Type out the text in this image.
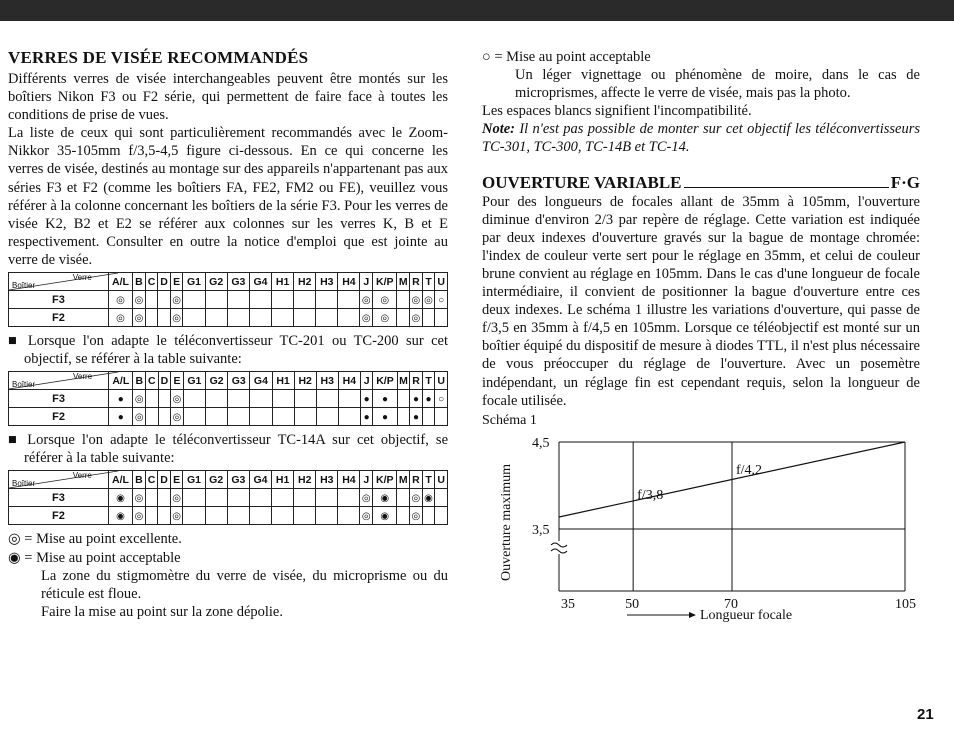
VERRES DE VISÉE RECOMMANDÉS

Différents verres de visée interchangeables peuvent être montés sur les boîtiers Nikon F3 ou F2 série, qui permettent de faire face à toutes les conditions de prise de vues.

La liste de ceux qui sont particulièrement recommandés avec le Zoom-Nikkor 35-105mm f/3,5-4,5 figure ci-dessous. En ce qui concerne les verres de visée, destinés au montage sur des appareils n'appartenant pas aux séries F3 et F2 (comme les boîtiers FA, FE2, FM2 ou FE), veuillez vous référer à la colonne concernant les boîtiers de la série F3. Pour les verres de visée K2, B2 et E2 se référer aux colonnes sur les verres K, B et E respectivement. Consulter en outre la notice d'emploi que est jointe au verre de visée.

Verre
Boîtier	A/L	B	C	D	E	G1	G2	G3	G4	H1	H2	H3	H4	J	K/P	M	R	T	U
F3	◎	◎			◎									◎	◎		◎	◎	○
F2	◎	◎			◎									◎	◎		◎		

■ Lorsque l'on adapte le téléconvertisseur TC-201 ou TC-200 sur cet objectif, se référer à la table suivante:

Verre
Boîtier	A/L	B	C	D	E	G1	G2	G3	G4	H1	H2	H3	H4	J	K/P	M	R	T	U
F3	●	◎			◎									●	●		●	●	○
F2	●	◎			◎									●	●		●		

■ Lorsque l'on adapte le téléconvertisseur TC-14A sur cet objectif, se référer à la table suivante:

Verre
Boîtier	A/L	B	C	D	E	G1	G2	G3	G4	H1	H2	H3	H4	J	K/P	M	R	T	U
F3	◉	◎			◎									◎	◉		◎	◉	
F2	◉	◎			◎									◎	◉		◎		

◎ = Mise au point excellente.

◉ = Mise au point acceptable

La zone du stigmomètre du verre de visée, du microprisme ou du réticule est floue.

Faire la mise au point sur la zone dépolie.

○ = Mise au point acceptable

Un léger vignettage ou phénomène de moire, dans le cas de microprismes, affecte le verre de visée, mais pas la photo.

Les espaces blancs signifient l'incompatibilité.

Note: Il n'est pas possible de monter sur cet objectif les téléconvertisseurs TC-301, TC-300, TC-14B et TC-14.

OUVERTURE VARIABLE	F·G

Pour des longueurs de focales allant de 35mm à 105mm, l'ouverture diminue d'environ 2/3 par repère de réglage. Cette variation est indiquée par deux indexes d'ouverture gravés sur la bague de montage chromée: l'index de couleur verte sert pour le réglage en 35mm, et celui de couleur brune convient au réglage en 105mm. Dans le cas d'une longueur de focale intermédiaire, il convient de positionner la bague d'ouverture entre ces deux indexes. Le schéma 1 illustre les variations d'ouverture, qui passe de f/3,5 en 35mm à f/4,5 en 105mm. Lorsque ce téléobjectif est monté sur un boîtier équipé du dispositif de mesure à diodes TTL, il n'est plus nécessaire de vous préoccuper du réglage de l'ouverture. Avec un posemètre indépendant, un réglage fin est cependant requis, selon la longueur de focale utilisée.

Schéma 1

35	50	70	105
3,5
4,5
Ouverture maximum
Longueur focale
f/3,8
f/4,2
21
